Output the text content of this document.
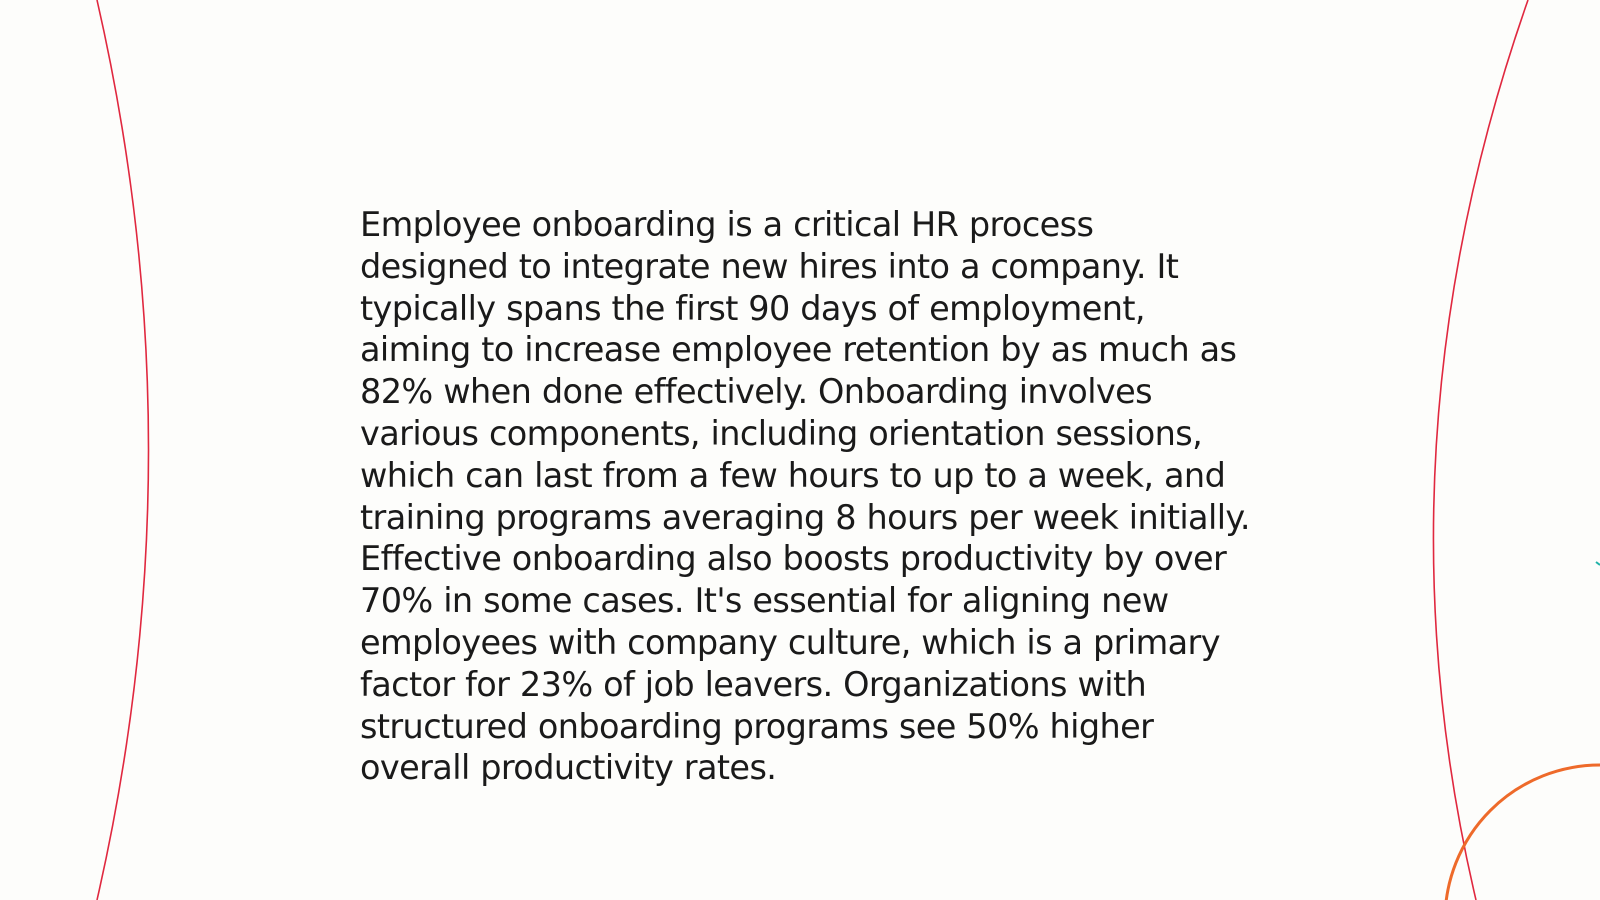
Employee onboarding is a critical HR process designed to integrate new hires into a company. It typically spans the first 90 days of employment, aiming to increase employee retention by as much as 82% when done effectively. Onboarding involves various components, including orientation sessions, which can last from a few hours to up to a week, and training programs averaging 8 hours per week initially. Effective onboarding also boosts productivity by over 70% in some cases. It's essential for aligning new employees with company culture, which is a primary factor for 23% of job leavers. Organizations with structured onboarding programs see 50% higher overall productivity rates.
